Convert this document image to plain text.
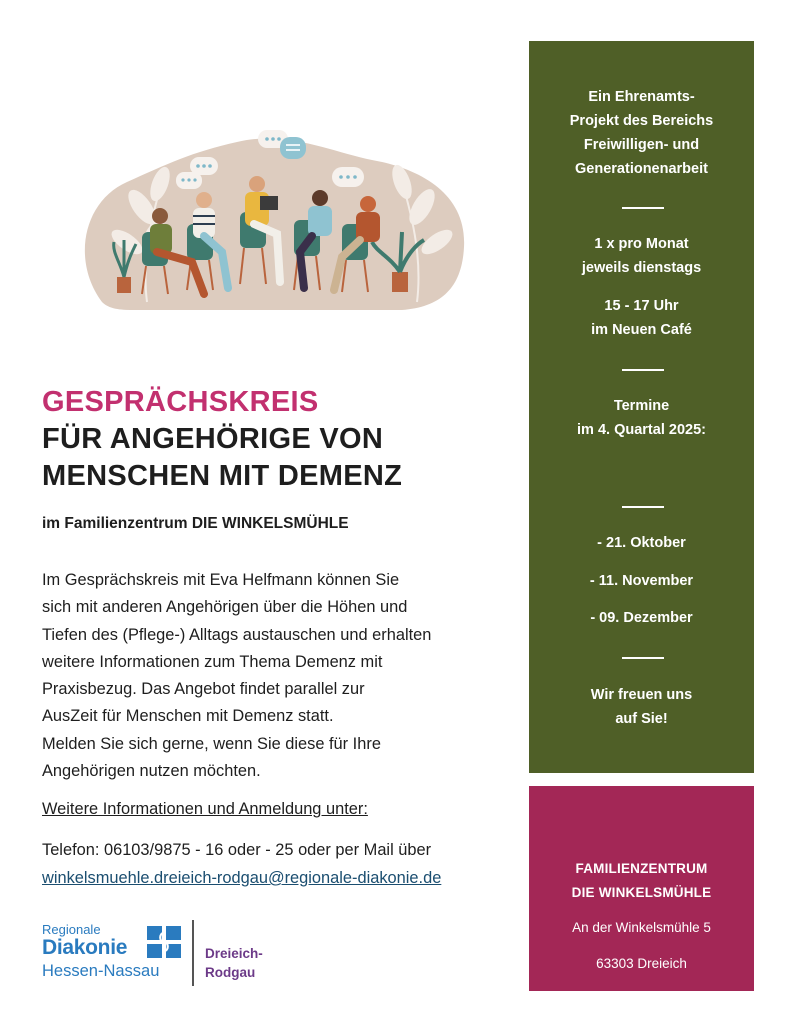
GESPRÄCHSKREIS
FÜR ANGEHÖRIGE VON
MENSCHEN MIT DEMENZ
im Familienzentrum DIE WINKELSMÜHLE
Im Gesprächskreis mit Eva Helfmann können Sie
sich mit anderen Angehörigen über die Höhen und
Tiefen des (Pflege-) Alltags austauschen und erhalten
weitere Informationen zum Thema Demenz mit
Praxisbezug. Das Angebot findet parallel zur
AusZeit für Menschen mit Demenz statt.
Melden Sie sich gerne, wenn Sie diese für Ihre
Angehörigen nutzen möchten.
Weitere Informationen und Anmeldung unter:
Telefon: 06103/9875 - 16 oder - 25 oder per Mail über
winkelsmuehle.dreieich-rodgau@regionale-diakonie.de
Regionale
Diakonie
Hessen-Nassau
Dreieich-
Rodgau
Ein Ehrenamts-
Projekt des Bereichs
Freiwilligen- und
Generationenarbeit
1 x pro Monat
jeweils dienstags
15 - 17 Uhr
im Neuen Café
Termine
im 4. Quartal 2025:
- 21. Oktober
- 11. November
- 09. Dezember
Wir freuen uns
auf Sie!
FAMILIENZENTRUM
DIE WINKELSMÜHLE
An der Winkelsmühle 5
63303 Dreieich
